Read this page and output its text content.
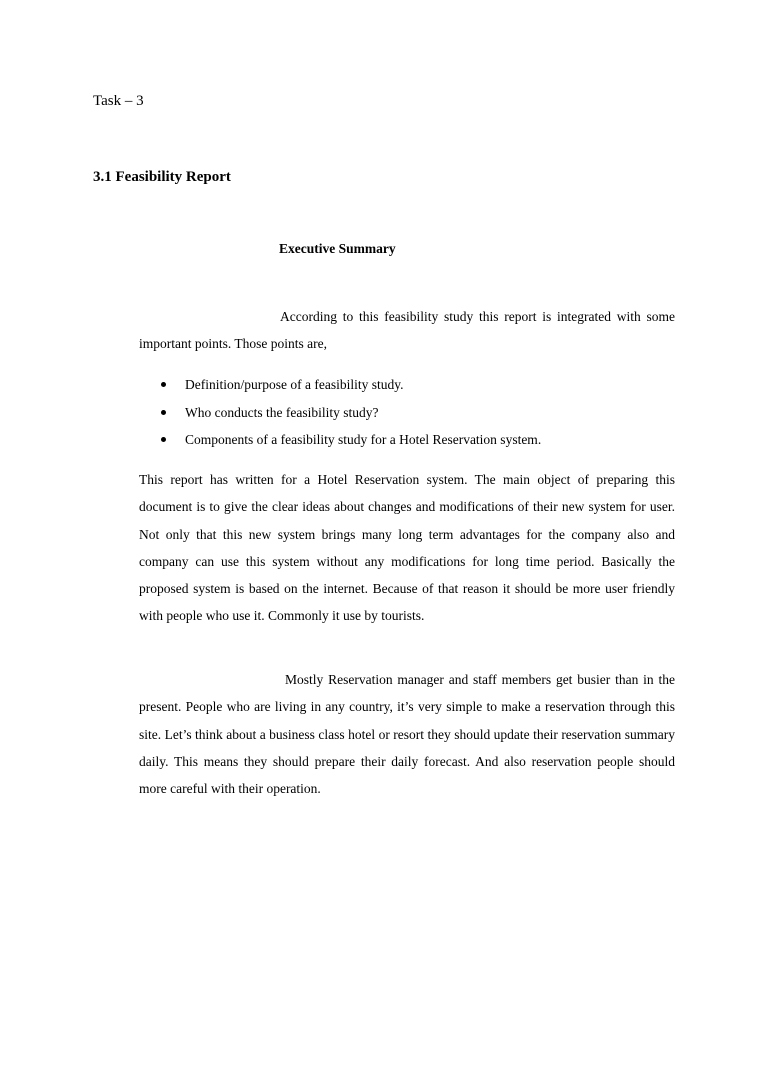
Task – 3
3.1 Feasibility Report
Executive Summary

According to this feasibility study this report is integrated with some important points. Those points are,

Definition/purpose of a feasibility study.
Who conducts the feasibility study?
Components of a feasibility study for a Hotel Reservation system.

This report has written for a Hotel Reservation system. The main object of preparing this document is to give the clear ideas about changes and modifications of their new system for user. Not only that this new system brings many long term advantages for the company also and company can use this system without any modifications for long time period. Basically the proposed system is based on the internet. Because of that reason it should be more user friendly with people who use it. Commonly it use by tourists.

Mostly Reservation manager and staff members get busier than in the present. People who are living in any country, it’s very simple to make a reservation through this site. Let’s think about a business class hotel or resort they should update their reservation summary daily. This means they should prepare their daily forecast. And also reservation people should more careful with their operation.
